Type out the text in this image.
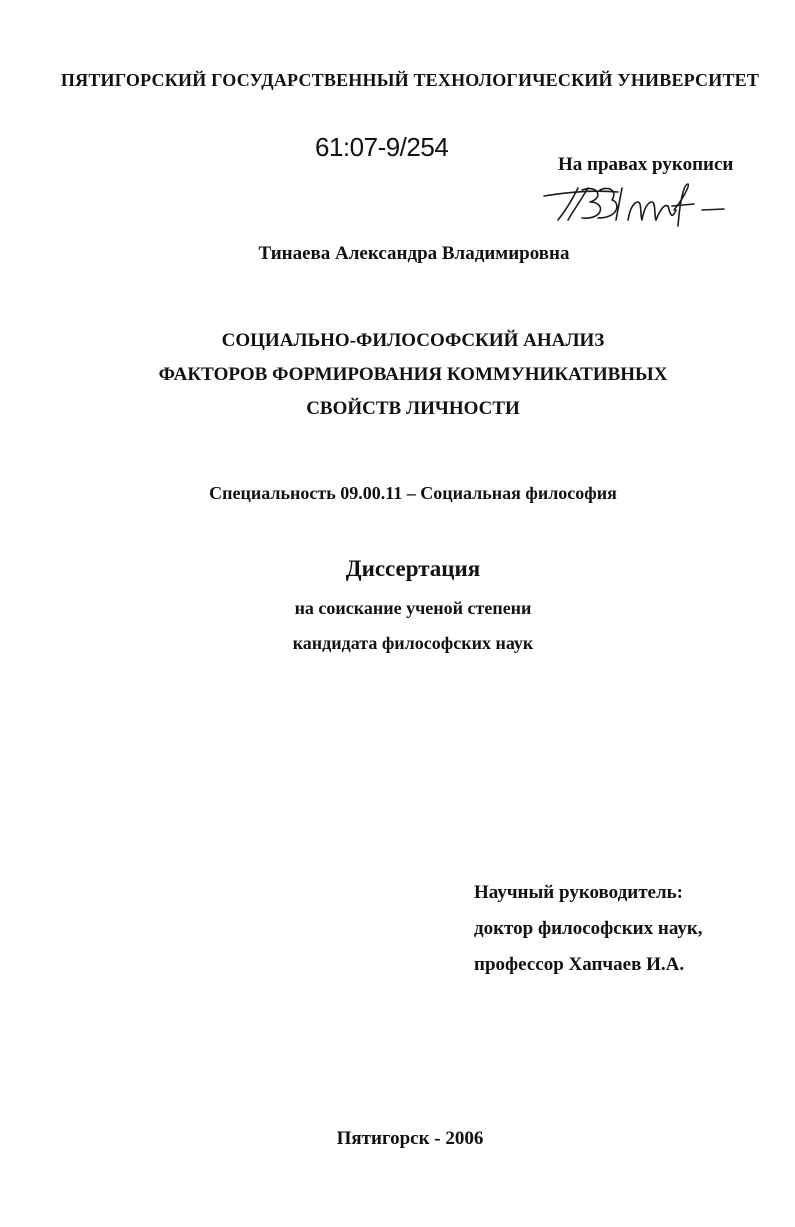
ПЯТИГОРСКИЙ ГОСУДАРСТВЕННЫЙ ТЕХНОЛОГИЧЕСКИЙ УНИВЕРСИТЕТ
61:07-9/254
На правах рукописи
Тинаева Александра Владимировна
СОЦИАЛЬНО-ФИЛОСОФСКИЙ АНАЛИЗ
ФАКТОРОВ ФОРМИРОВАНИЯ КОММУНИКАТИВНЫХ
СВОЙСТВ ЛИЧНОСТИ
Специальность 09.00.11 – Социальная философия
Диссертация
на соискание ученой степени
кандидата философских наук
Научный руководитель:
доктор философских наук,
профессор Хапчаев И.А.
Пятигорск - 2006
